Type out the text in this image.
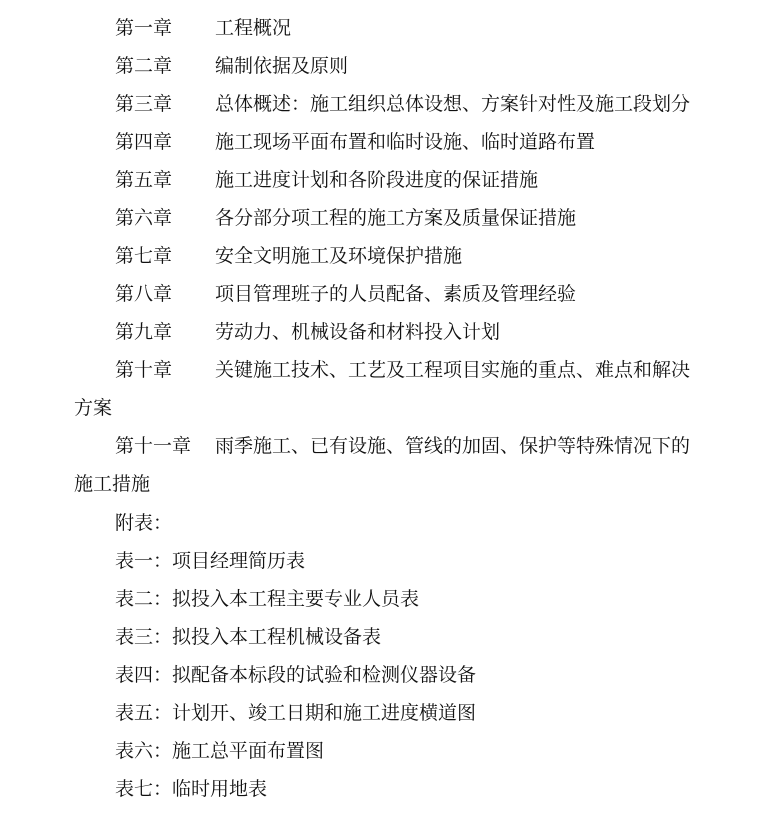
第一章 工程概况
第二章 编制依据及原则
第三章 总体概述：施工组织总体设想、方案针对性及施工段划分
第四章 施工现场平面布置和临时设施、临时道路布置
第五章 施工进度计划和各阶段进度的保证措施
第六章 各分部分项工程的施工方案及质量保证措施
第七章 安全文明施工及环境保护措施
第八章 项目管理班子的人员配备、素质及管理经验
第九章 劳动力、机械设备和材料投入计划
第十章 关键施工技术、工艺及工程项目实施的重点、难点和解决
方案
第十一章 雨季施工、已有设施、管线的加固、保护等特殊情况下的
施工措施
附表：
表一：项目经理简历表
表二：拟投入本工程主要专业人员表
表三：拟投入本工程机械设备表
表四：拟配备本标段的试验和检测仪器设备
表五：计划开、竣工日期和施工进度横道图
表六：施工总平面布置图
表七：临时用地表
